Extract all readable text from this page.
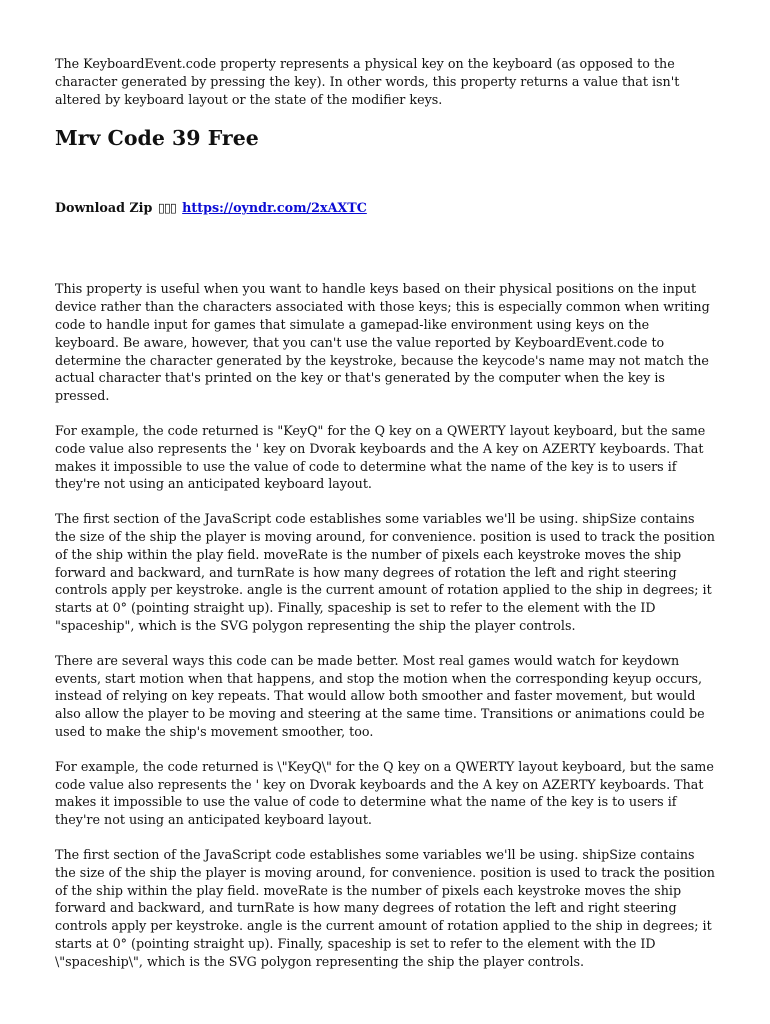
The KeyboardEvent.code property represents a physical key on the keyboard (as opposed to the character generated by pressing the key). In other words, this property returns a value that isn't altered by keyboard layout or the state of the modifier keys.

Mrv Code 39 Free
Download Zip ▯▯▯ https://oyndr.com/2xAXTC

This property is useful when you want to handle keys based on their physical positions on the input device rather than the characters associated with those keys; this is especially common when writing code to handle input for games that simulate a gamepad-like environment using keys on the keyboard. Be aware, however, that you can't use the value reported by KeyboardEvent.code to determine the character generated by the keystroke, because the keycode's name may not match the actual character that's printed on the key or that's generated by the computer when the key is pressed.

For example, the code returned is "KeyQ" for the Q key on a QWERTY layout keyboard, but the same code value also represents the ' key on Dvorak keyboards and the A key on AZERTY keyboards. That makes it impossible to use the value of code to determine what the name of the key is to users if they're not using an anticipated keyboard layout.

The first section of the JavaScript code establishes some variables we'll be using. shipSize contains the size of the ship the player is moving around, for convenience. position is used to track the position of the ship within the play field. moveRate is the number of pixels each keystroke moves the ship forward and backward, and turnRate is how many degrees of rotation the left and right steering controls apply per keystroke. angle is the current amount of rotation applied to the ship in degrees; it starts at 0° (pointing straight up). Finally, spaceship is set to refer to the element with the ID "spaceship", which is the SVG polygon representing the ship the player controls.

There are several ways this code can be made better. Most real games would watch for keydown events, start motion when that happens, and stop the motion when the corresponding keyup occurs, instead of relying on key repeats. That would allow both smoother and faster movement, but would also allow the player to be moving and steering at the same time. Transitions or animations could be used to make the ship's movement smoother, too.

For example, the code returned is \"KeyQ\" for the Q key on a QWERTY layout keyboard, but the same code value also represents the ' key on Dvorak keyboards and the A key on AZERTY keyboards. That makes it impossible to use the value of code to determine what the name of the key is to users if they're not using an anticipated keyboard layout.

The first section of the JavaScript code establishes some variables we'll be using. shipSize contains the size of the ship the player is moving around, for convenience. position is used to track the position of the ship within the play field. moveRate is the number of pixels each keystroke moves the ship forward and backward, and turnRate is how many degrees of rotation the left and right steering controls apply per keystroke. angle is the current amount of rotation applied to the ship in degrees; it starts at 0° (pointing straight up). Finally, spaceship is set to refer to the element with the ID \"spaceship\", which is the SVG polygon representing the ship the player controls.
